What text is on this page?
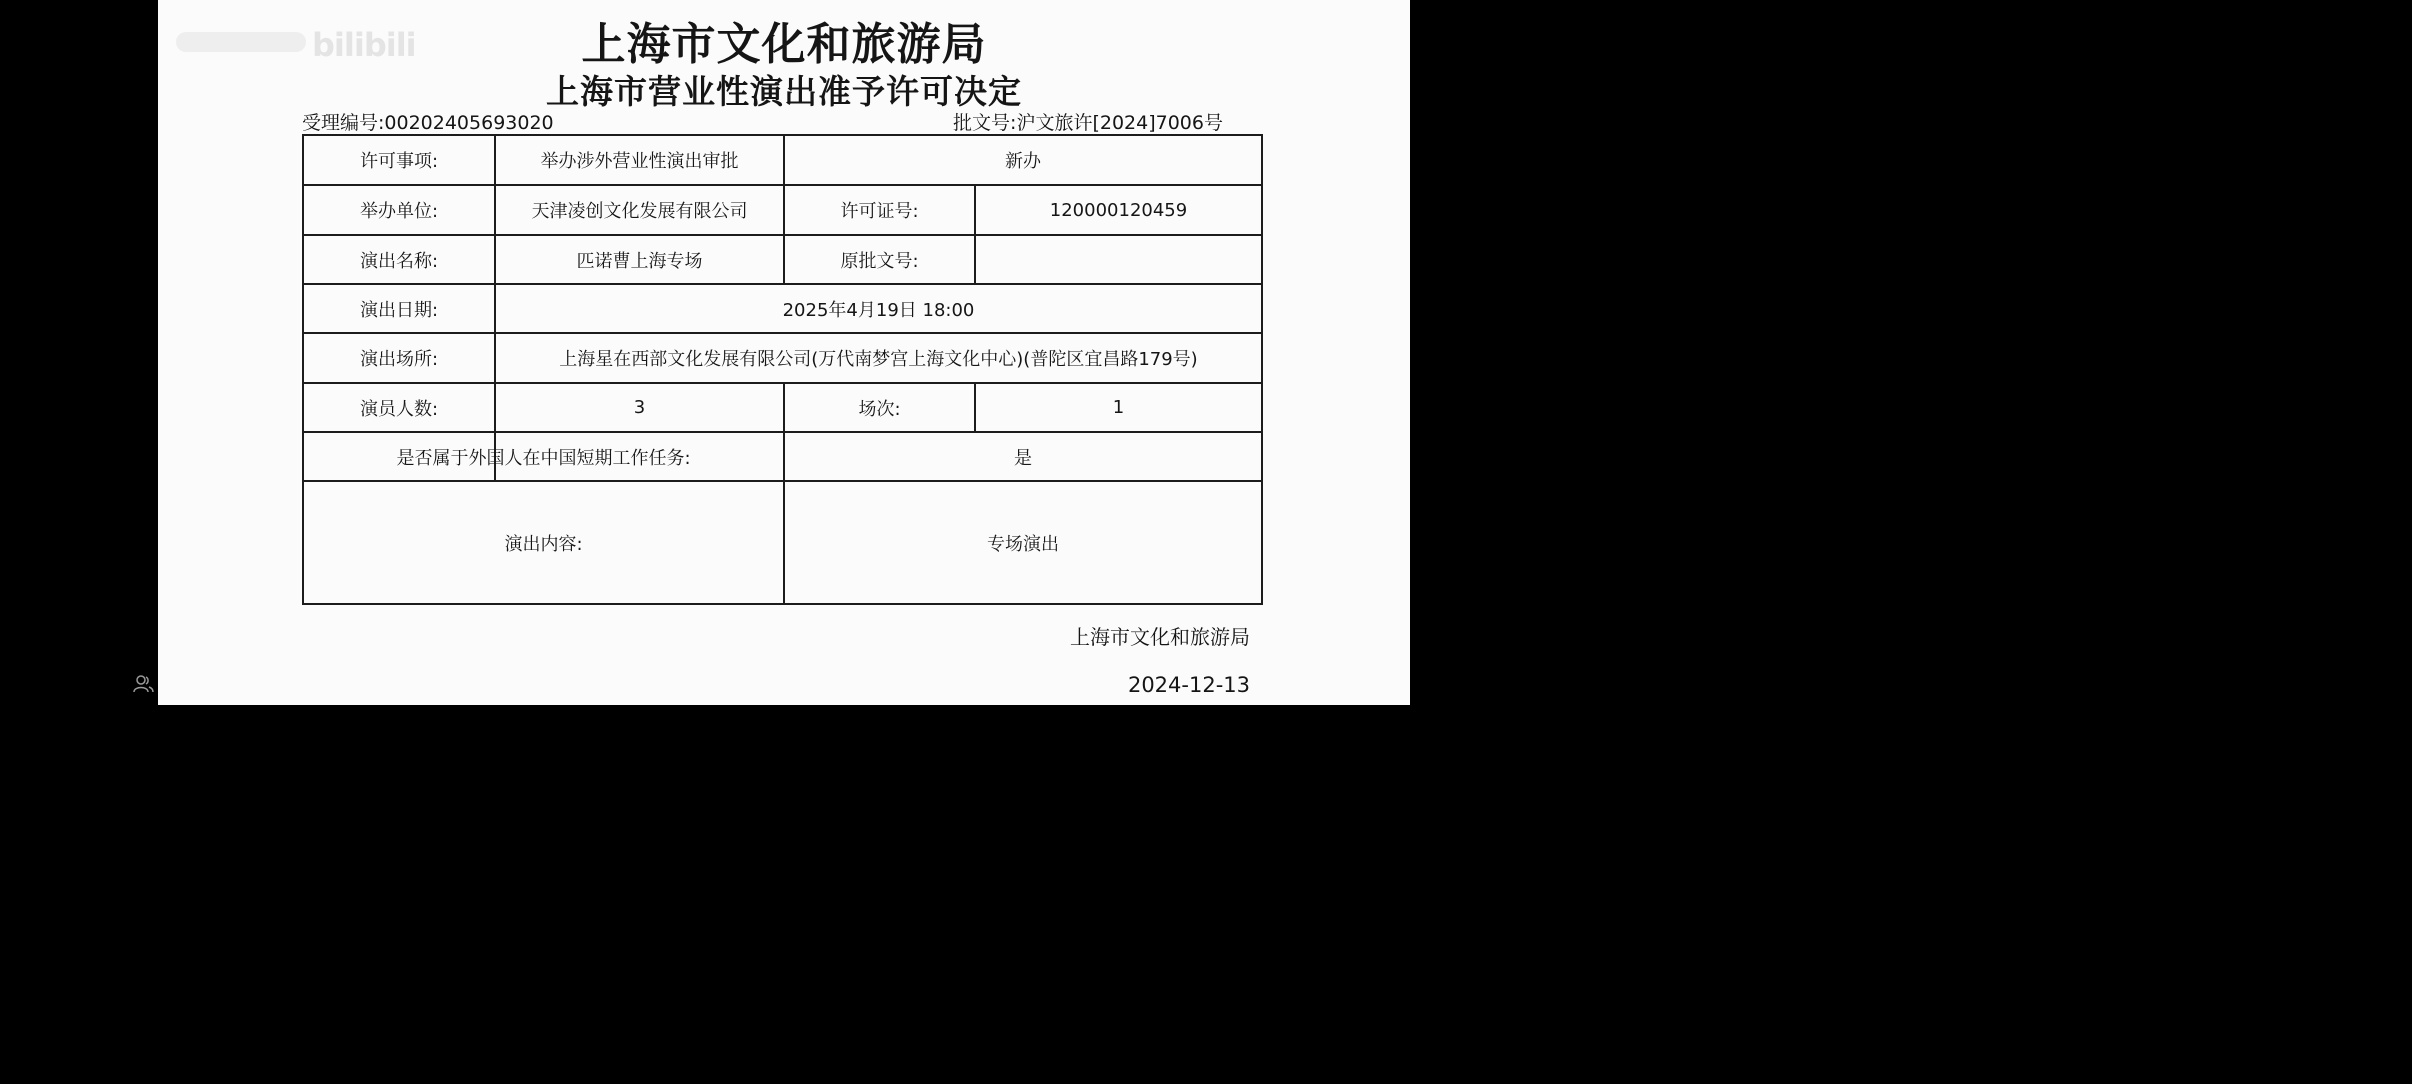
bilibili	上海市文化和旅游局
上海市营业性演出准予许可决定
受理编号:00202405693020	批文号:沪文旅许[2024]7006号
许可事项:	举办涉外营业性演出审批	新办
举办单位:	天津凌创文化发展有限公司	许可证号:	120000120459
演出名称:	匹诺曹上海专场	原批文号:
演出日期:	2025年4月19日 18:00
演出场所:	上海星在西部文化发展有限公司(万代南梦宫上海文化中心)(普陀区宜昌路179号)
演员人数:	3	场次:	1
是否属于外国人在中国短期工作任务:	是
演出内容:	专场演出
上海市文化和旅游局
2024-12-13
